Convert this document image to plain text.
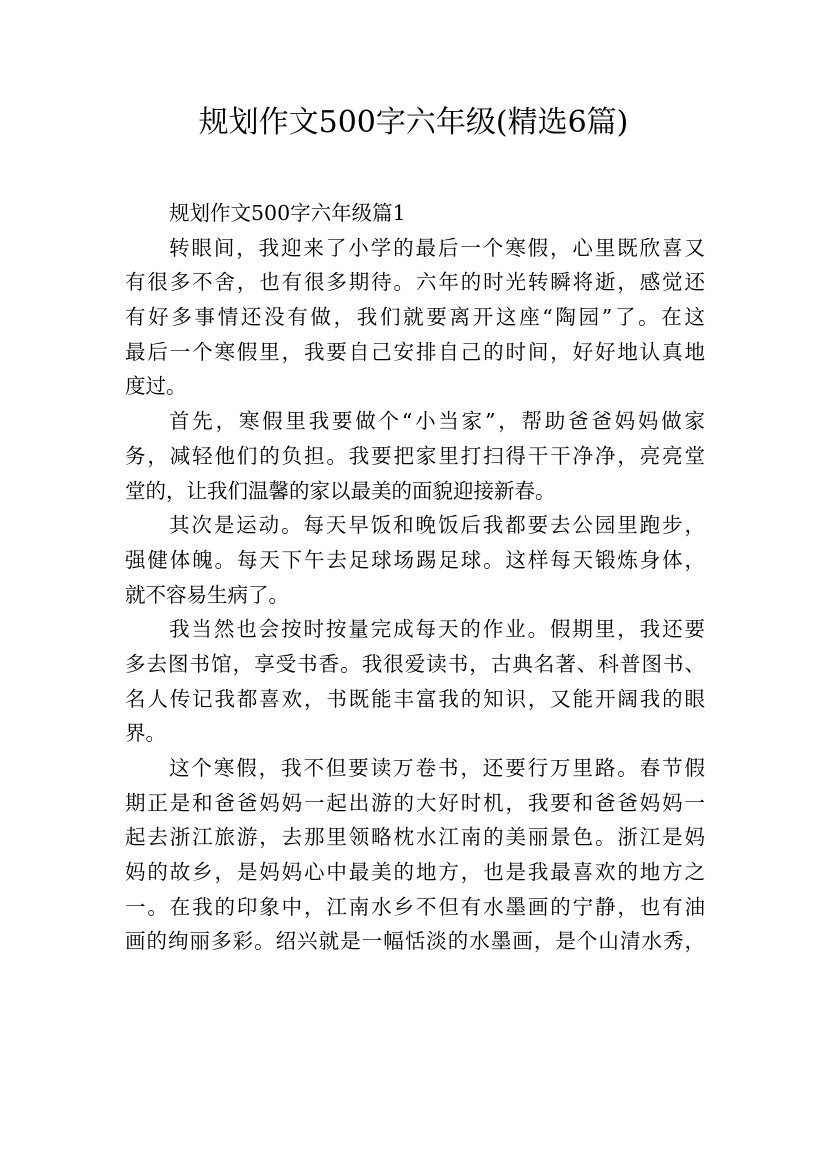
规划作文500字六年级(精选6篇)
规划作文500字六年级篇1
转眼间，我迎来了小学的最后一个寒假，心里既欣喜又
有很多不舍，也有很多期待。六年的时光转瞬将逝，感觉还
有好多事情还没有做，我们就要离开这座“陶园”了。在这
最后一个寒假里，我要自己安排自己的时间，好好地认真地
度过。
首先，寒假里我要做个“小当家”，帮助爸爸妈妈做家
务，减轻他们的负担。我要把家里打扫得干干净净，亮亮堂
堂的，让我们温馨的家以最美的面貌迎接新春。
其次是运动。每天早饭和晚饭后我都要去公园里跑步，
强健体魄。每天下午去足球场踢足球。这样每天锻炼身体，
就不容易生病了。
我当然也会按时按量完成每天的作业。假期里，我还要
多去图书馆，享受书香。我很爱读书，古典名著、科普图书、
名人传记我都喜欢，书既能丰富我的知识，又能开阔我的眼
界。
这个寒假，我不但要读万卷书，还要行万里路。春节假
期正是和爸爸妈妈一起出游的大好时机，我要和爸爸妈妈一
起去浙江旅游，去那里领略枕水江南的美丽景色。浙江是妈
妈的故乡，是妈妈心中最美的地方，也是我最喜欢的地方之
一。在我的印象中，江南水乡不但有水墨画的宁静，也有油
画的绚丽多彩。绍兴就是一幅恬淡的水墨画，是个山清水秀，
